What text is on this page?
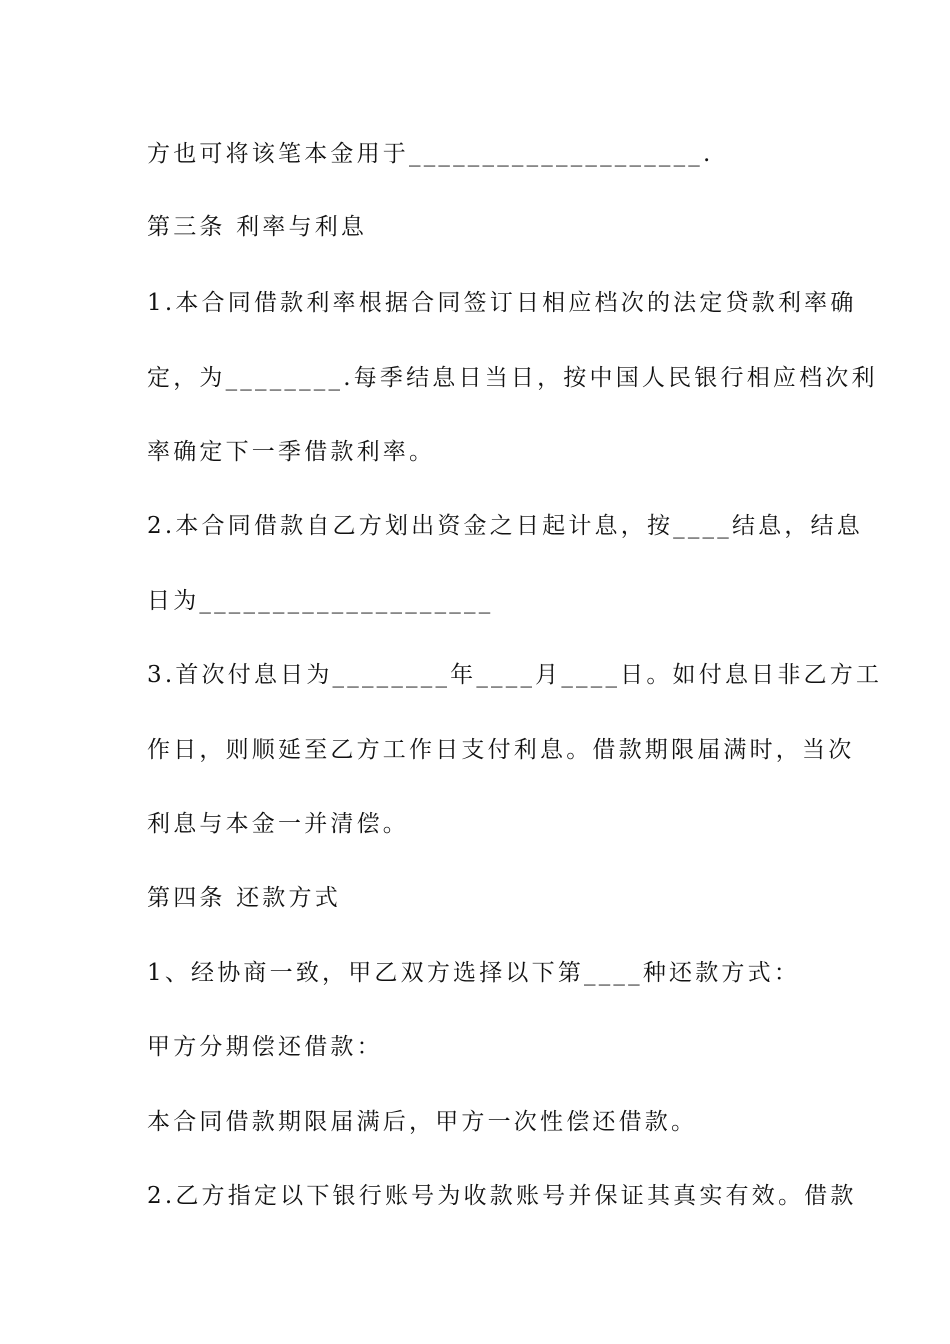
方也可将该笔本金用于____________________.
第三条 利率与利息
1.本合同借款利率根据合同签订日相应档次的法定贷款利率确
定，为________.每季结息日当日，按中国人民银行相应档次利
率确定下一季借款利率。
2.本合同借款自乙方划出资金之日起计息，按____结息，结息
日为____________________
3.首次付息日为________年____月____日。如付息日非乙方工
作日，则顺延至乙方工作日支付利息。借款期限届满时，当次
利息与本金一并清偿。
第四条 还款方式
1、经协商一致，甲乙双方选择以下第____种还款方式：
甲方分期偿还借款：
本合同借款期限届满后，甲方一次性偿还借款。
2.乙方指定以下银行账号为收款账号并保证其真实有效。借款
